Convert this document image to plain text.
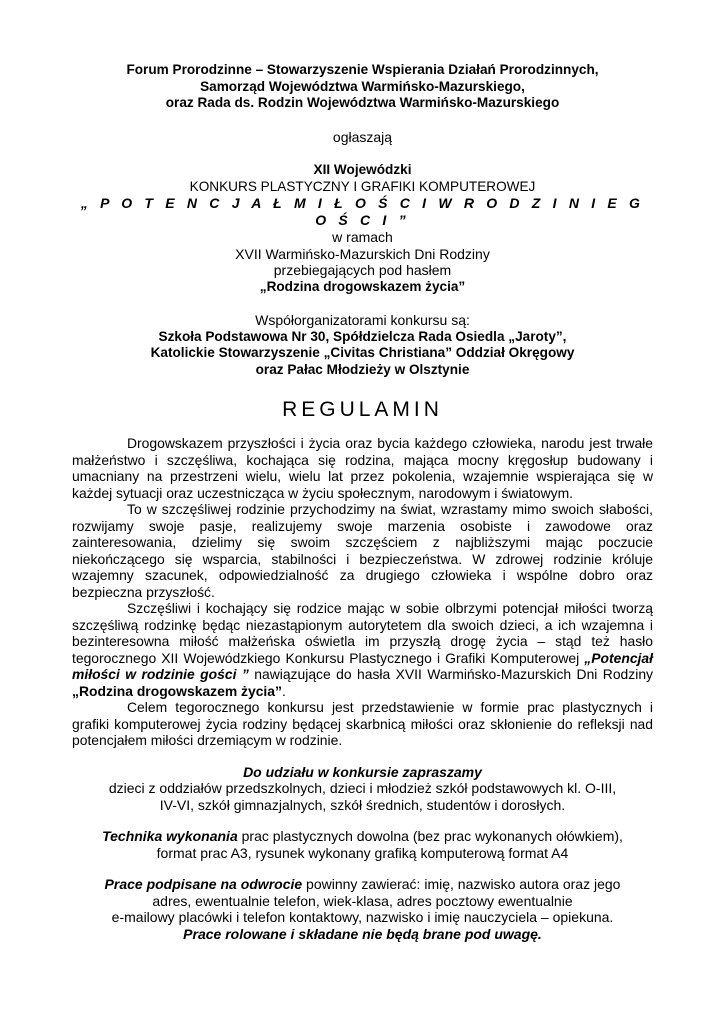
Forum Prorodzinne – Stowarzyszenie Wspierania Działań Prorodzinnych,
Samorząd Województwa Warmińsko-Mazurskiego,
oraz Rada ds. Rodzin Województwa Warmińsko-Mazurskiego
ogłaszają
XII Wojewódzki
KONKURS PLASTYCZNY I GRAFIKI KOMPUTEROWEJ
„ P O T E N C J A Ł M I Ł O Ś C I W R O D Z I N I E G O Ś C I ”
w ramach
XVII Warmińsko-Mazurskich Dni Rodziny
przebiegających pod hasłem
„Rodzina drogowskazem życia”
Współorganizatorami konkursu są:
Szkoła Podstawowa Nr 30, Spółdzielcza Rada Osiedla „Jaroty”,
Katolickie Stowarzyszenie „Civitas Christiana” Oddział Okręgowy
oraz Pałac Młodzieży w Olsztynie
REGULAMIN

Drogowskazem przyszłości i życia oraz bycia każdego człowieka, narodu jest trwałe małżeństwo i szczęśliwa, kochająca się rodzina, mająca mocny kręgosłup budowany i umacniany na przestrzeni wielu, wielu lat przez pokolenia, wzajemnie wspierająca się w każdej sytuacji oraz uczestnicząca w życiu społecznym, narodowym i światowym.

To w szczęśliwej rodzinie przychodzimy na świat, wzrastamy mimo swoich słabości, rozwijamy swoje pasje, realizujemy swoje marzenia osobiste i zawodowe oraz zainteresowania, dzielimy się swoim szczęściem z najbliższymi mając poczucie niekończącego się wsparcia, stabilności i bezpieczeństwa. W zdrowej rodzinie króluje wzajemny szacunek, odpowiedzialność za drugiego człowieka i wspólne dobro oraz bezpieczna przyszłość.

Szczęśliwi i kochający się rodzice mając w sobie olbrzymi potencjał miłości tworzą szczęśliwą rodzinkę będąc niezastąpionym autorytetem dla swoich dzieci, a ich wzajemna i bezinteresowna miłość małżeńska oświetla im przyszłą drogę życia – stąd też hasło tegorocznego XII Wojewódzkiego Konkursu Plastycznego i Grafiki Komputerowej „Potencjał miłości w rodzinie gości ” nawiązujące do hasła XVII Warmińsko-Mazurskich Dni Rodziny „Rodzina drogowskazem życia”.

Celem tegorocznego konkursu jest przedstawienie w formie prac plastycznych i grafiki komputerowej życia rodziny będącej skarbnicą miłości oraz skłonienie do refleksji nad potencjałem miłości drzemiącym w rodzinie.

Do udziału w konkursie zapraszamy
dzieci z oddziałów przedszkolnych, dzieci i młodzież szkół podstawowych kl. O-III,
IV-VI, szkół gimnazjalnych, szkół średnich, studentów i dorosłych.
Technika wykonania prac plastycznych dowolna (bez prac wykonanych ołówkiem),
format prac A3, rysunek wykonany grafiką komputerową format A4
Prace podpisane na odwrocie powinny zawierać: imię, nazwisko autora oraz jego
adres, ewentualnie telefon, wiek-klasa, adres pocztowy ewentualnie
e-mailowy placówki i telefon kontaktowy, nazwisko i imię nauczyciela – opiekuna.
Prace rolowane i składane nie będą brane pod uwagę.
